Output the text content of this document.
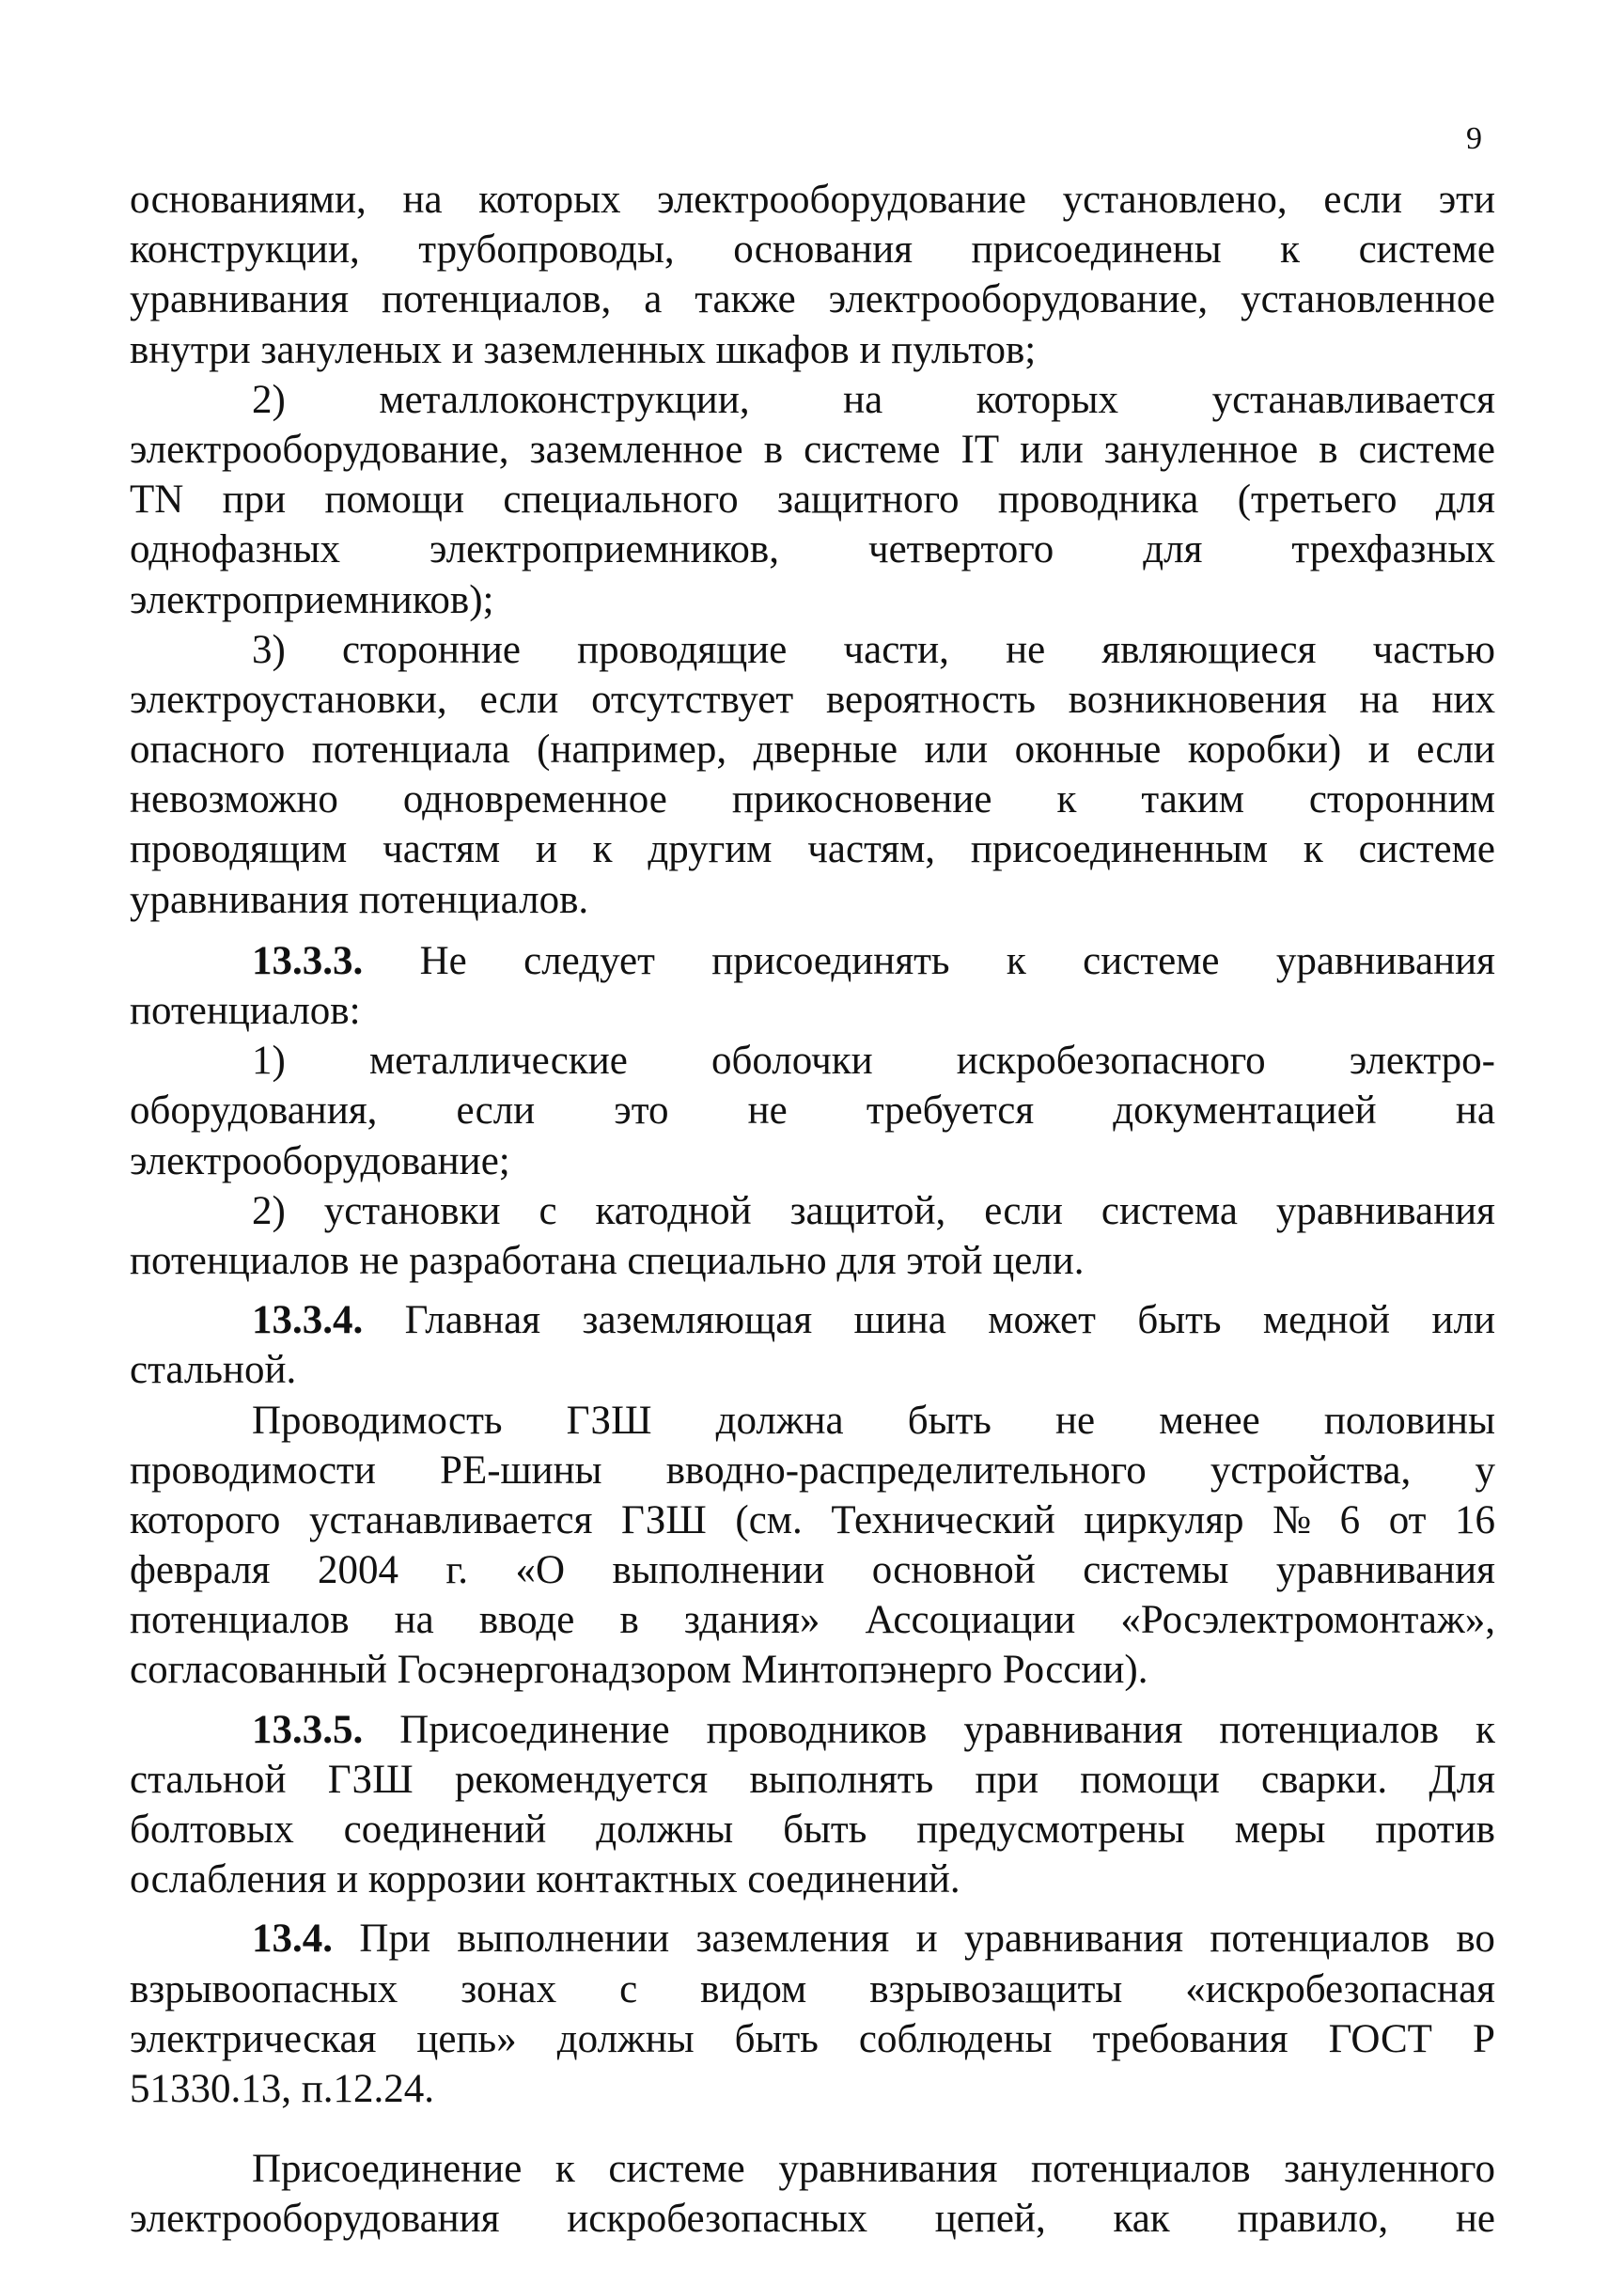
9
основаниями, на которых электрооборудование установлено, если эти
конструкции, трубопроводы, основания присоединены к системе
уравнивания потенциалов, а также электрооборудование, установленное
внутри зануленых и заземленных шкафов и пультов;
2) металлоконструкции, на которых устанавливается
электрооборудование, заземленное в системе IT или зануленное в системе
TN при помощи специального защитного проводника (третьего для
однофазных электроприемников, четвертого для трехфазных
электроприемников);
3) сторонние проводящие части, не являющиеся частью
электроустановки, если отсутствует вероятность возникновения на них
опасного потенциала (например, дверные или оконные коробки) и если
невозможно одновременное прикосновение к таким сторонним
проводящим частям и к другим частям, присоединенным к системе
уравнивания потенциалов.
13.3.3. Не следует присоединять к системе уравнивания
потенциалов:
1) металлические оболочки искробезопасного электро-
оборудования, если это не требуется документацией на
электрооборудование;
2) установки с катодной защитой, если система уравнивания
потенциалов не разработана специально для этой цели.
13.3.4. Главная заземляющая шина может быть медной или
стальной.
Проводимость ГЗШ должна быть не менее половины
проводимости РЕ-шины вводно-распределительного устройства, у
которого устанавливается ГЗШ (см. Технический циркуляр № 6 от 16
февраля 2004 г. «О выполнении основной системы уравнивания
потенциалов на вводе в здания» Ассоциации «Росэлектромонтаж»,
согласованный Госэнергонадзором Минтопэнерго России).
13.3.5. Присоединение проводников уравнивания потенциалов к
стальной ГЗШ рекомендуется выполнять при помощи сварки. Для
болтовых соединений должны быть предусмотрены меры против
ослабления и коррозии контактных соединений.
13.4. При выполнении заземления и уравнивания потенциалов во
взрывоопасных зонах с видом взрывозащиты «искробезопасная
электрическая цепь» должны быть соблюдены требования ГОСТ Р
51330.13, п.12.24.
Присоединение к системе уравнивания потенциалов зануленного
электрооборудования искробезопасных цепей, как правило, не
